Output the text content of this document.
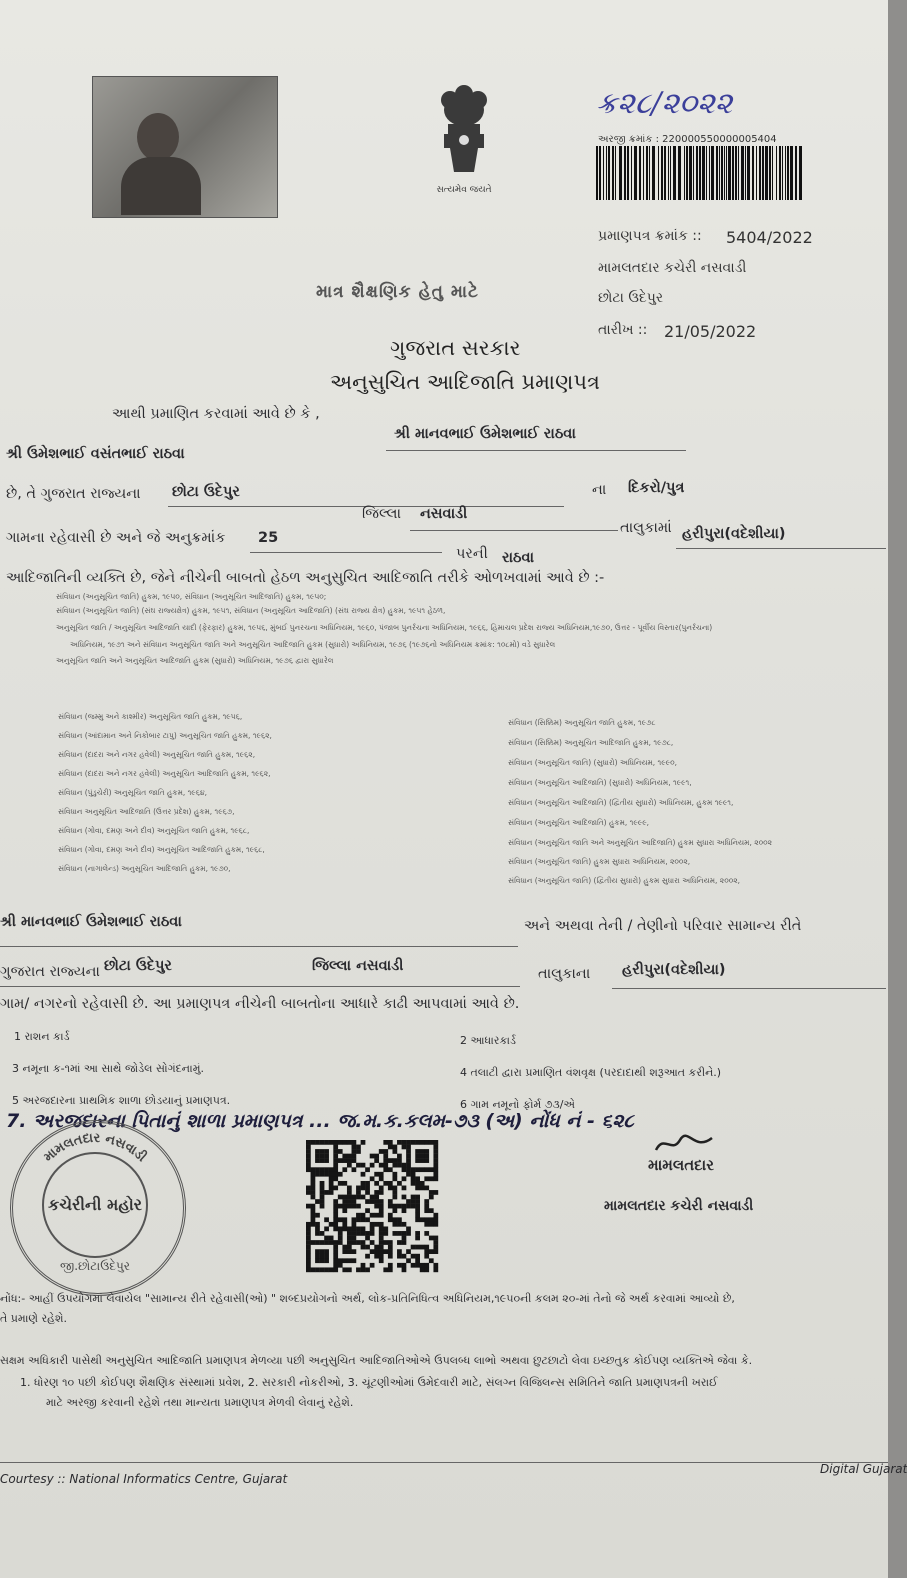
સત્યમેવ જયતે
ક્ર૨૮/૨૦૨૨
અરજી ક્રમાંક : 220000550000005404
પ્રમાણપત્ર ક્રમાંક :: 5404/2022
મામલતદાર કચેરી નસવાડી
છોટા ઉદેપુર
તારીખ :: 21/05/2022
માત્ર શૈક્ષણિક હેતુ માટે
ગુજરાત સરકાર
અનુસુચિત આદિજાતિ પ્રમાણપત્ર
આથી પ્રમાણિત કરવામાં આવે છે કે ,
શ્રી માનવભાઈ ઉમેશભાઈ રાઠવા
શ્રી ઉમેશભાઈ વસંતભાઈ રાઠવા
છે, તે ગુજરાત રાજ્યના છોટા ઉદેપુર	ના દિકરો/પુત્ર
જિલ્લા નસવાડી
તાલુકામાં હરીપુરા(વદેશીયા)
ગામના રહેવાસી છે અને જે અનુક્રમાંક 25
પરની રાઠવા
આદિજાતિની વ્યક્તિ છે, જેને નીચેની બાબતો હેઠળ અનુસુચિત આદિજાતિ તરીકે ઓળખવામાં આવે છે :-
સંવિધાન (અનુસૂચિત જાતિ) હુકમ, ૧૯૫૦, સંવિધાન (અનુસૂચિત આદિજાતિ) હુકમ, ૧૯૫૦;
સંવિધાન (અનુસૂચિત જાતિ) (સંઘ રાજ્યક્ષેત્ર) હુકમ, ૧૯૫૧, સંવિધાન (અનુસૂચિત આદિજાતિ) (સંઘ રાજ્ય ક્ષેત્ર) હુકમ, ૧૯૫૧ હેઠળ,
અનુસૂચિત જાતિ / અનુસૂચિત આદિજાતિ યાદી (ફેરફાર) હુકમ, ૧૯૫૬, મુંબઈ પુનરચના અધિનિયમ, ૧૯૬૦, પંજાબ પુનર્રચના અધિનિયમ, ૧૯૬૬, હિમાચલ પ્રદેશ રાજ્ય અધિનિયમ,૧૯૭૦, ઉત્તર - પૂર્વીય વિસ્તાર(પુનર્રચના)
અધિનિયમ, ૧૯૭૧ અને સંવિધાન અનુસૂચિત જાતિ અને અનુસૂચિત આદિજાતિ હુકમ (સુધારો) અધિનિયમ, ૧૯૭૬ (૧૯૭૬નો અધિનિયમ ક્રમાંક: ૧૦૮મો) વડે સુધારેલ
અનુસૂચિત જાતિ અને અનુસૂચિત આદિજાતિ હુકમ (સુધારો) અધિનિયમ, ૧૯૭૬ દ્વારા સુધારેલ
સંવિધાન (જમ્મુ અને કાશ્મીર) અનુસૂચિત જાતિ હુકમ, ૧૯૫૬,
સંવિધાન (આંદામાન અને નિકોબાર ટાપુ) અનુસૂચિત જાતિ હુકમ, ૧૯૬૨,
સંવિધાન (દાદરા અને નગર હવેલી) અનુસૂચિત જાતિ હુકમ, ૧૯૬૨,
સંવિધાન (દાદરા અને નગર હવેલી) અનુસૂચિત આદિજાતિ હુકમ, ૧૯૬૨,
સંવિધાન (પુંડુચેરી) અનુસૂચિત જાતિ હુકમ, ૧૯૬૪,
સંવિધાન અનુસૂચિત આદિજાતિ (ઉત્તર પ્રદેશ) હુકમ, ૧૯૬૭,
સંવિધાન (ગોવા, દમણ અને દીવ) અનુસૂચિત જાતિ હુકમ, ૧૯૬૮,
સંવિધાન (ગોવા, દમણ અને દીવ) અનુસૂચિત આદિજાતિ હુકમ, ૧૯૬૮,
સંવિધાન (નાગાલેન્ડ) અનુસૂચિત આદિજાતિ હુકમ, ૧૯૭૦,
સંવિધાન (સિક્કિમ) અનુસૂચિત જાતિ હુકમ, ૧૯૭૮
સંવિધાન (સિક્કિમ) અનુસૂચિત આદિજાતિ હુકમ, ૧૯૭૮,
સંવિધાન (અનુસૂચિત જાતિ) (સુધારો) અધિનિયમ, ૧૯૯૦,
સંવિધાન (અનુસૂચિત આદિજાતિ) (સુધારો) અધિનિયમ, ૧૯૯૧,
સંવિધાન (અનુસૂચિત આદિજાતિ) (દ્વિતીય સુધારો) અધિનિયમ, હુકમ ૧૯૯૧,
સંવિધાન (અનુસૂચિત આદિજાતિ) હુકમ, ૧૯૯૯,
સંવિધાન (અનુસૂચિત જાતિ અને અનુસૂચિત આદિજાતિ) હુકમ સુધારા અધિનિયમ, ૨૦૦૨
સંવિધાન (અનુસૂચિત જાતિ) હુકમ સુધારા અધિનિયમ, ૨૦૦૨,
સંવિધાન (અનુસૂચિત જાતિ) (દ્વિતીય સુધારો) હુકમ સુધારા અધિનિયમ, ૨૦૦૨,
શ્રી માનવભાઈ ઉમેશભાઈ રાઠવા	અને અથવા તેની / તેણીનો પરિવાર સામાન્ય રીતે
ગુજરાત રાજ્યના છોટા ઉદેપુર	જિલ્લા નસવાડી	તાલુકાના હરીપુરા(વદેશીયા)
ગામ/ નગરનો રહેવાસી છે. આ પ્રમાણપત્ર નીચેની બાબતોના આધારે કાઢી આપવામાં આવે છે.
1 રાશન કાર્ડ	2 આધારકાર્ડ
3 નમૂના ક-૧માં આ સાથે જોડેલ સોગંદનામું.	4 તલાટી દ્વારા પ્રમાણિત વંશવૃક્ષ (પરદાદાથી શરૂઆત કરીને.)
5 અરજદારના પ્રાથમિક શાળા છોડયાનું પ્રમાણપત્ર.	6 ગામ નમૂનો ફોર્મ ૭૩/એ
7. અરજદારના પિતાનું શાળા પ્રમાણપત્ર ... જ.મ.ક.કલમ-૭૩ (અ) નોંધ નં - ૬૨૮
મામલતદાર
મામલતદાર કચેરી નસવાડી
મામલતદાર નસવાડી
કચેરીની મહોર
જી.છોટાઉદેપુર
નોંધ:- આહીં ઉપયોગમાં લેવાયેલ "સામાન્ય રીતે રહેવાસી(ઓ) " શબ્દપ્રયોગનો અર્થ, લોક-પ્રતિનિધિત્વ અધિનિયમ,૧૯૫૦ની કલમ ૨૦-માં તેનો જે અર્થ કરવામાં આવ્યો છે,
તે પ્રમાણે રહેશે.
સક્ષમ અધિકારી પાસેથી અનુસુચિત આદિજાતિ પ્રમાણપત્ર મેળવ્યા પછી અનુસુચિત આદિજાતિઓએ ઉપલબ્ધ લાભો અથવા છુટછાટો લેવા ઇચ્છતુક કોઈપણ વ્યક્તિએ જેવા કે.
1. ધોરણ ૧૦ પછી કોઈપણ શૈક્ષણિક સંસ્થામાં પ્રવેશ, 2. સરકારી નોકરીઓ, 3. ચૂંટણીઓમાં ઉમેદવારી માટે, સંલગ્ન વિજિલન્સ સમિતિને જાતિ પ્રમાણપત્રની ખરાઈ
માટે અરજી કરવાની રહેશે તથા માન્યતા પ્રમાણપત્ર મેળવી લેવાનું રહેશે.
Courtesy :: National Informatics Centre, Gujarat
Digital Gujarat
